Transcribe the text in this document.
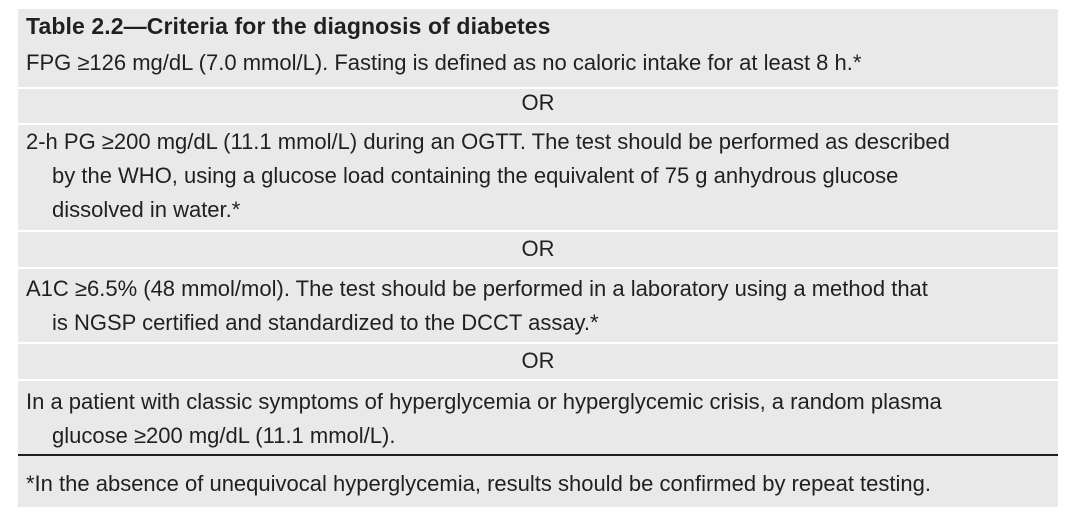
Table 2.2—Criteria for the diagnosis of diabetes
FPG ≥126 mg/dL (7.0 mmol/L). Fasting is defined as no caloric intake for at least 8 h.*
OR
2-h PG ≥200 mg/dL (11.1 mmol/L) during an OGTT. The test should be performed as described
by the WHO, using a glucose load containing the equivalent of 75 g anhydrous glucose
dissolved in water.*
OR
A1C ≥6.5% (48 mmol/mol). The test should be performed in a laboratory using a method that
is NGSP certified and standardized to the DCCT assay.*
OR
In a patient with classic symptoms of hyperglycemia or hyperglycemic crisis, a random plasma
glucose ≥200 mg/dL (11.1 mmol/L).
*In the absence of unequivocal hyperglycemia, results should be confirmed by repeat testing.
